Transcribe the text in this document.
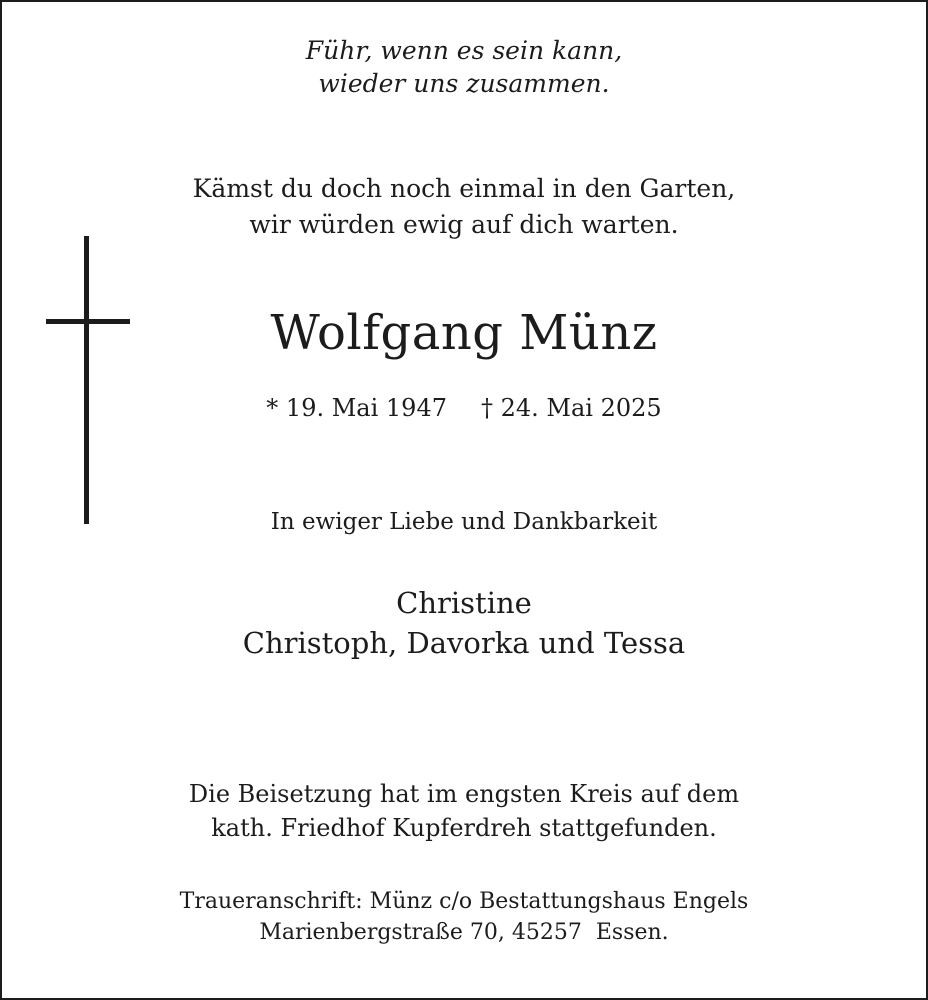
Führ, wenn es sein kann,
wieder uns zusammen.
Kämst du doch noch einmal in den Garten,
wir würden ewig auf dich warten.
Wolfgang Münz
* 19. Mai 1947 † 24. Mai 2025
In ewiger Liebe und Dankbarkeit
Christine
Christoph, Davorka und Tessa
Die Beisetzung hat im engsten Kreis auf dem
kath. Friedhof Kupferdreh stattgefunden.
Traueranschrift: Münz c/o Bestattungshaus Engels
Marienbergstraße 70, 45257  Essen.
